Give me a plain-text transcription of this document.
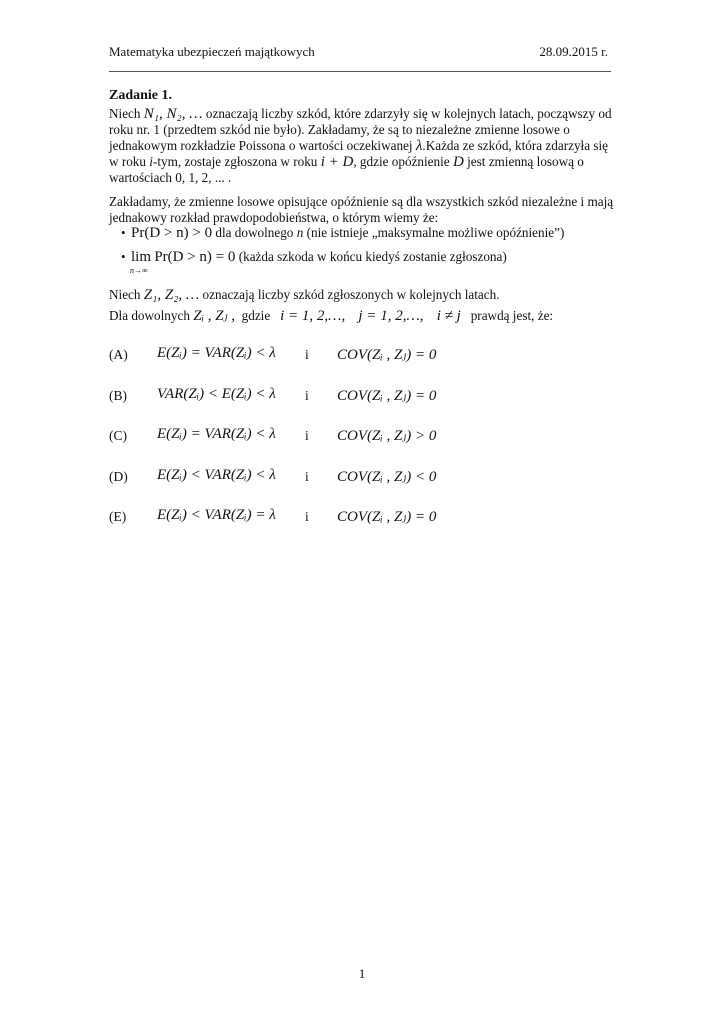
Matematyka ubezpieczeń majątkowych	28.09.2015 r.
Zadanie 1.
Niech N₁, N₂, … oznaczają liczby szkód, które zdarzyły się w kolejnych latach, począwszy od roku nr. 1 (przedtem szkód nie było). Zakładamy, że są to niezależne zmienne losowe o jednakowym rozkładzie Poissona o wartości oczekiwanej λ.Każda ze szkód, która zdarzyła się w roku i-tym, zostaje zgłoszona w roku i + D, gdzie opóźnienie D jest zmienną losową o wartościach 0, 1, 2, ... .
Zakładamy, że zmienne losowe opisujące opóźnienie są dla wszystkich szkód niezależne i mają jednakowy rozkład prawdopodobieństwa, o którym wiemy że:
• Pr(D > n) > 0 dla dowolnego n (nie istnieje „maksymalne możliwe opóźnienie”)
• lim
n→∞
Pr(D > n) = 0 (każda szkoda w końcu kiedyś zostanie zgłoszona)
Niech Z₁, Z₂, … oznaczają liczby szkód zgłoszonych w kolejnych latach.
Dla dowolnych Zᵢ , Zⱼ , gdzie i = 1, 2,…, j = 1, 2,…, i ≠ j prawdą jest, że:
(A) E(Zᵢ) = VAR(Zᵢ) < λ i COV(Zᵢ , Zⱼ) = 0
(B) VAR(Zᵢ) < E(Zᵢ) < λ i COV(Zᵢ , Zⱼ) = 0
(C) E(Zᵢ) = VAR(Zᵢ) < λ i COV(Zᵢ , Zⱼ) > 0
(D) E(Zᵢ) < VAR(Zᵢ) < λ i COV(Zᵢ , Zⱼ) < 0
(E) E(Zᵢ) < VAR(Zᵢ) = λ i COV(Zᵢ , Zⱼ) = 0
1
